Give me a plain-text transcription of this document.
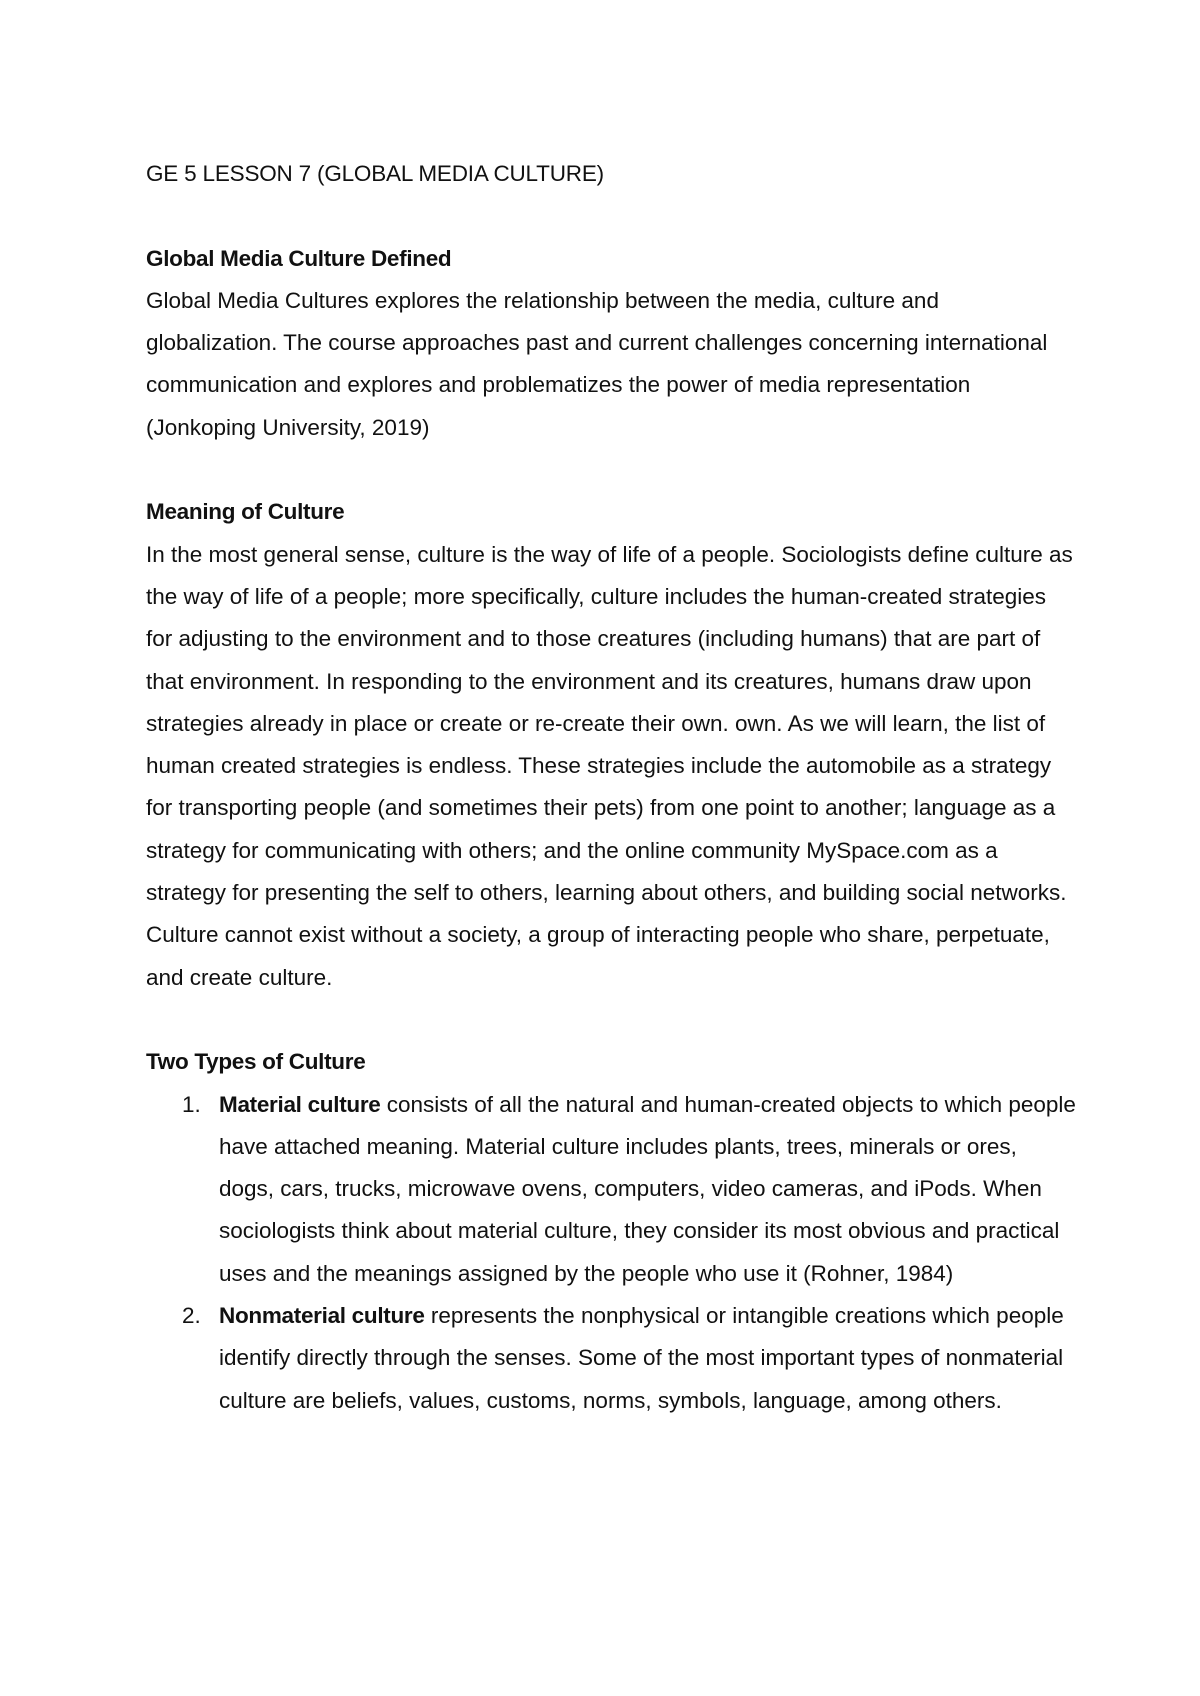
GE 5 LESSON 7 (GLOBAL MEDIA CULTURE)
Global Media Culture Defined

Global Media Cultures explores the relationship between the media, culture and globalization. The course approaches past and current challenges concerning international communication and explores and problematizes the power of media representation (Jonkoping University, 2019)

Meaning of Culture

In the most general sense, culture is the way of life of a people. Sociologists define culture as the way of life of a people; more specifically, culture includes the human-created strategies for adjusting to the environment and to those creatures (including humans) that are part of that environment. In responding to the environment and its creatures, humans draw upon strategies already in place or create or re-create their own. own. As we will learn, the list of human created strategies is endless. These strategies include the automobile as a strategy for transporting people (and sometimes their pets) from one point to another; language as a strategy for communicating with others; and the online community MySpace.com as a strategy for presenting the self to others, learning about others, and building social networks. Culture cannot exist without a society, a group of interacting people who share, perpetuate, and create culture.

Two Types of Culture
1. Material culture consists of all the natural and human-created objects to which people have attached meaning. Material culture includes plants, trees, minerals or ores, dogs, cars, trucks, microwave ovens, computers, video cameras, and iPods. When sociologists think about material culture, they consider its most obvious and practical uses and the meanings assigned by the people who use it (Rohner, 1984)
2. Nonmaterial culture represents the nonphysical or intangible creations which people identify directly through the senses. Some of the most important types of nonmaterial culture are beliefs, values, customs, norms, symbols, language, among others.
